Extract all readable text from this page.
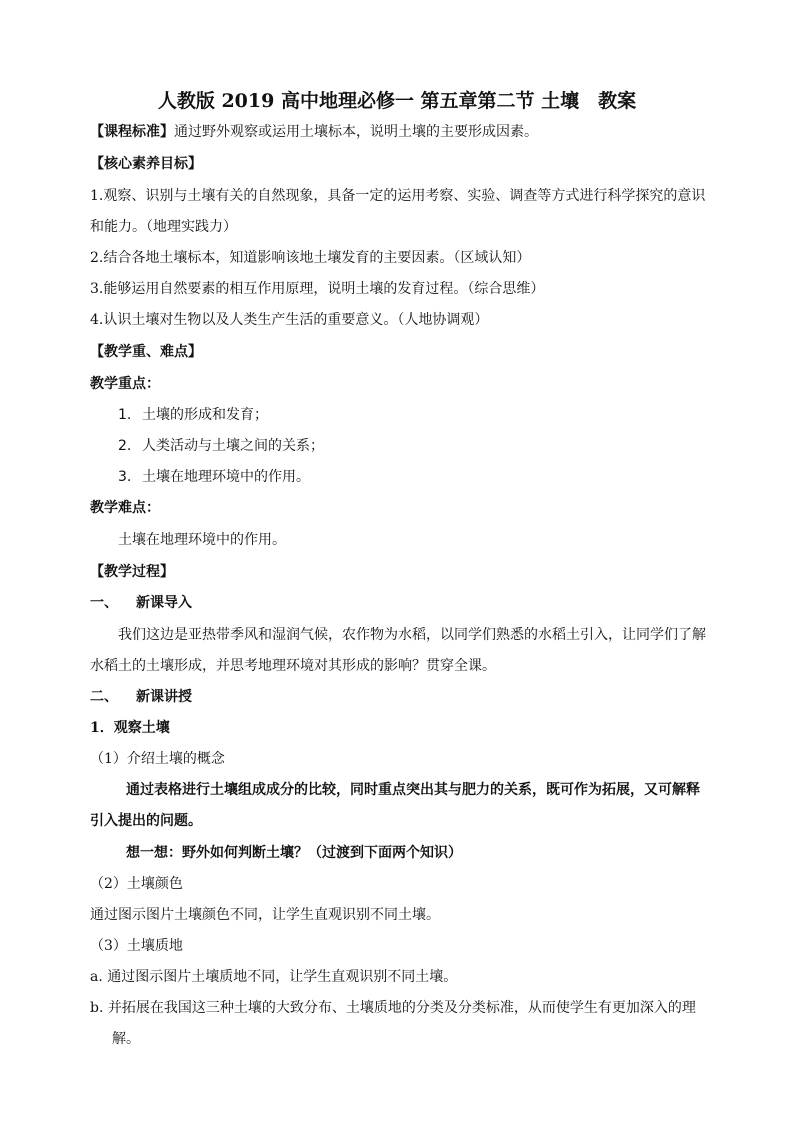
人教版 2019 高中地理必修一 第五章第二节 土壤　教案
【课程标准】通过野外观察或运用土壤标本，说明土壤的主要形成因素。
【核心素养目标】
1.观察、识别与土壤有关的自然现象，具备一定的运用考察、实验、调查等方式进行科学探究的意识
和能力。（地理实践力）
2.结合各地土壤标本，知道影响该地土壤发育的主要因素。（区域认知）
3.能够运用自然要素的相互作用原理，说明土壤的发育过程。（综合思维）
4.认识土壤对生物以及人类生产生活的重要意义。（人地协调观）
【教学重、难点】
教学重点：
1. 土壤的形成和发育；
2. 人类活动与土壤之间的关系；
3. 土壤在地理环境中的作用。
教学难点：
土壤在地理环境中的作用。
【教学过程】
一、 新课导入
我们这边是亚热带季风和湿润气候，农作物为水稻，以同学们熟悉的水稻土引入，让同学们了解
水稻土的土壤形成，并思考地理环境对其形成的影响？贯穿全课。
二、 新课讲授
1．观察土壤
（1）介绍土壤的概念
通过表格进行土壤组成成分的比较，同时重点突出其与肥力的关系，既可作为拓展，又可解释
引入提出的问题。
想一想：野外如何判断土壤？（过渡到下面两个知识）
（2）土壤颜色
通过图示图片土壤颜色不同，让学生直观识别不同土壤。
（3）土壤质地
a. 通过图示图片土壤质地不同，让学生直观识别不同土壤。
b. 并拓展在我国这三种土壤的大致分布、土壤质地的分类及分类标准，从而使学生有更加深入的理
解。
